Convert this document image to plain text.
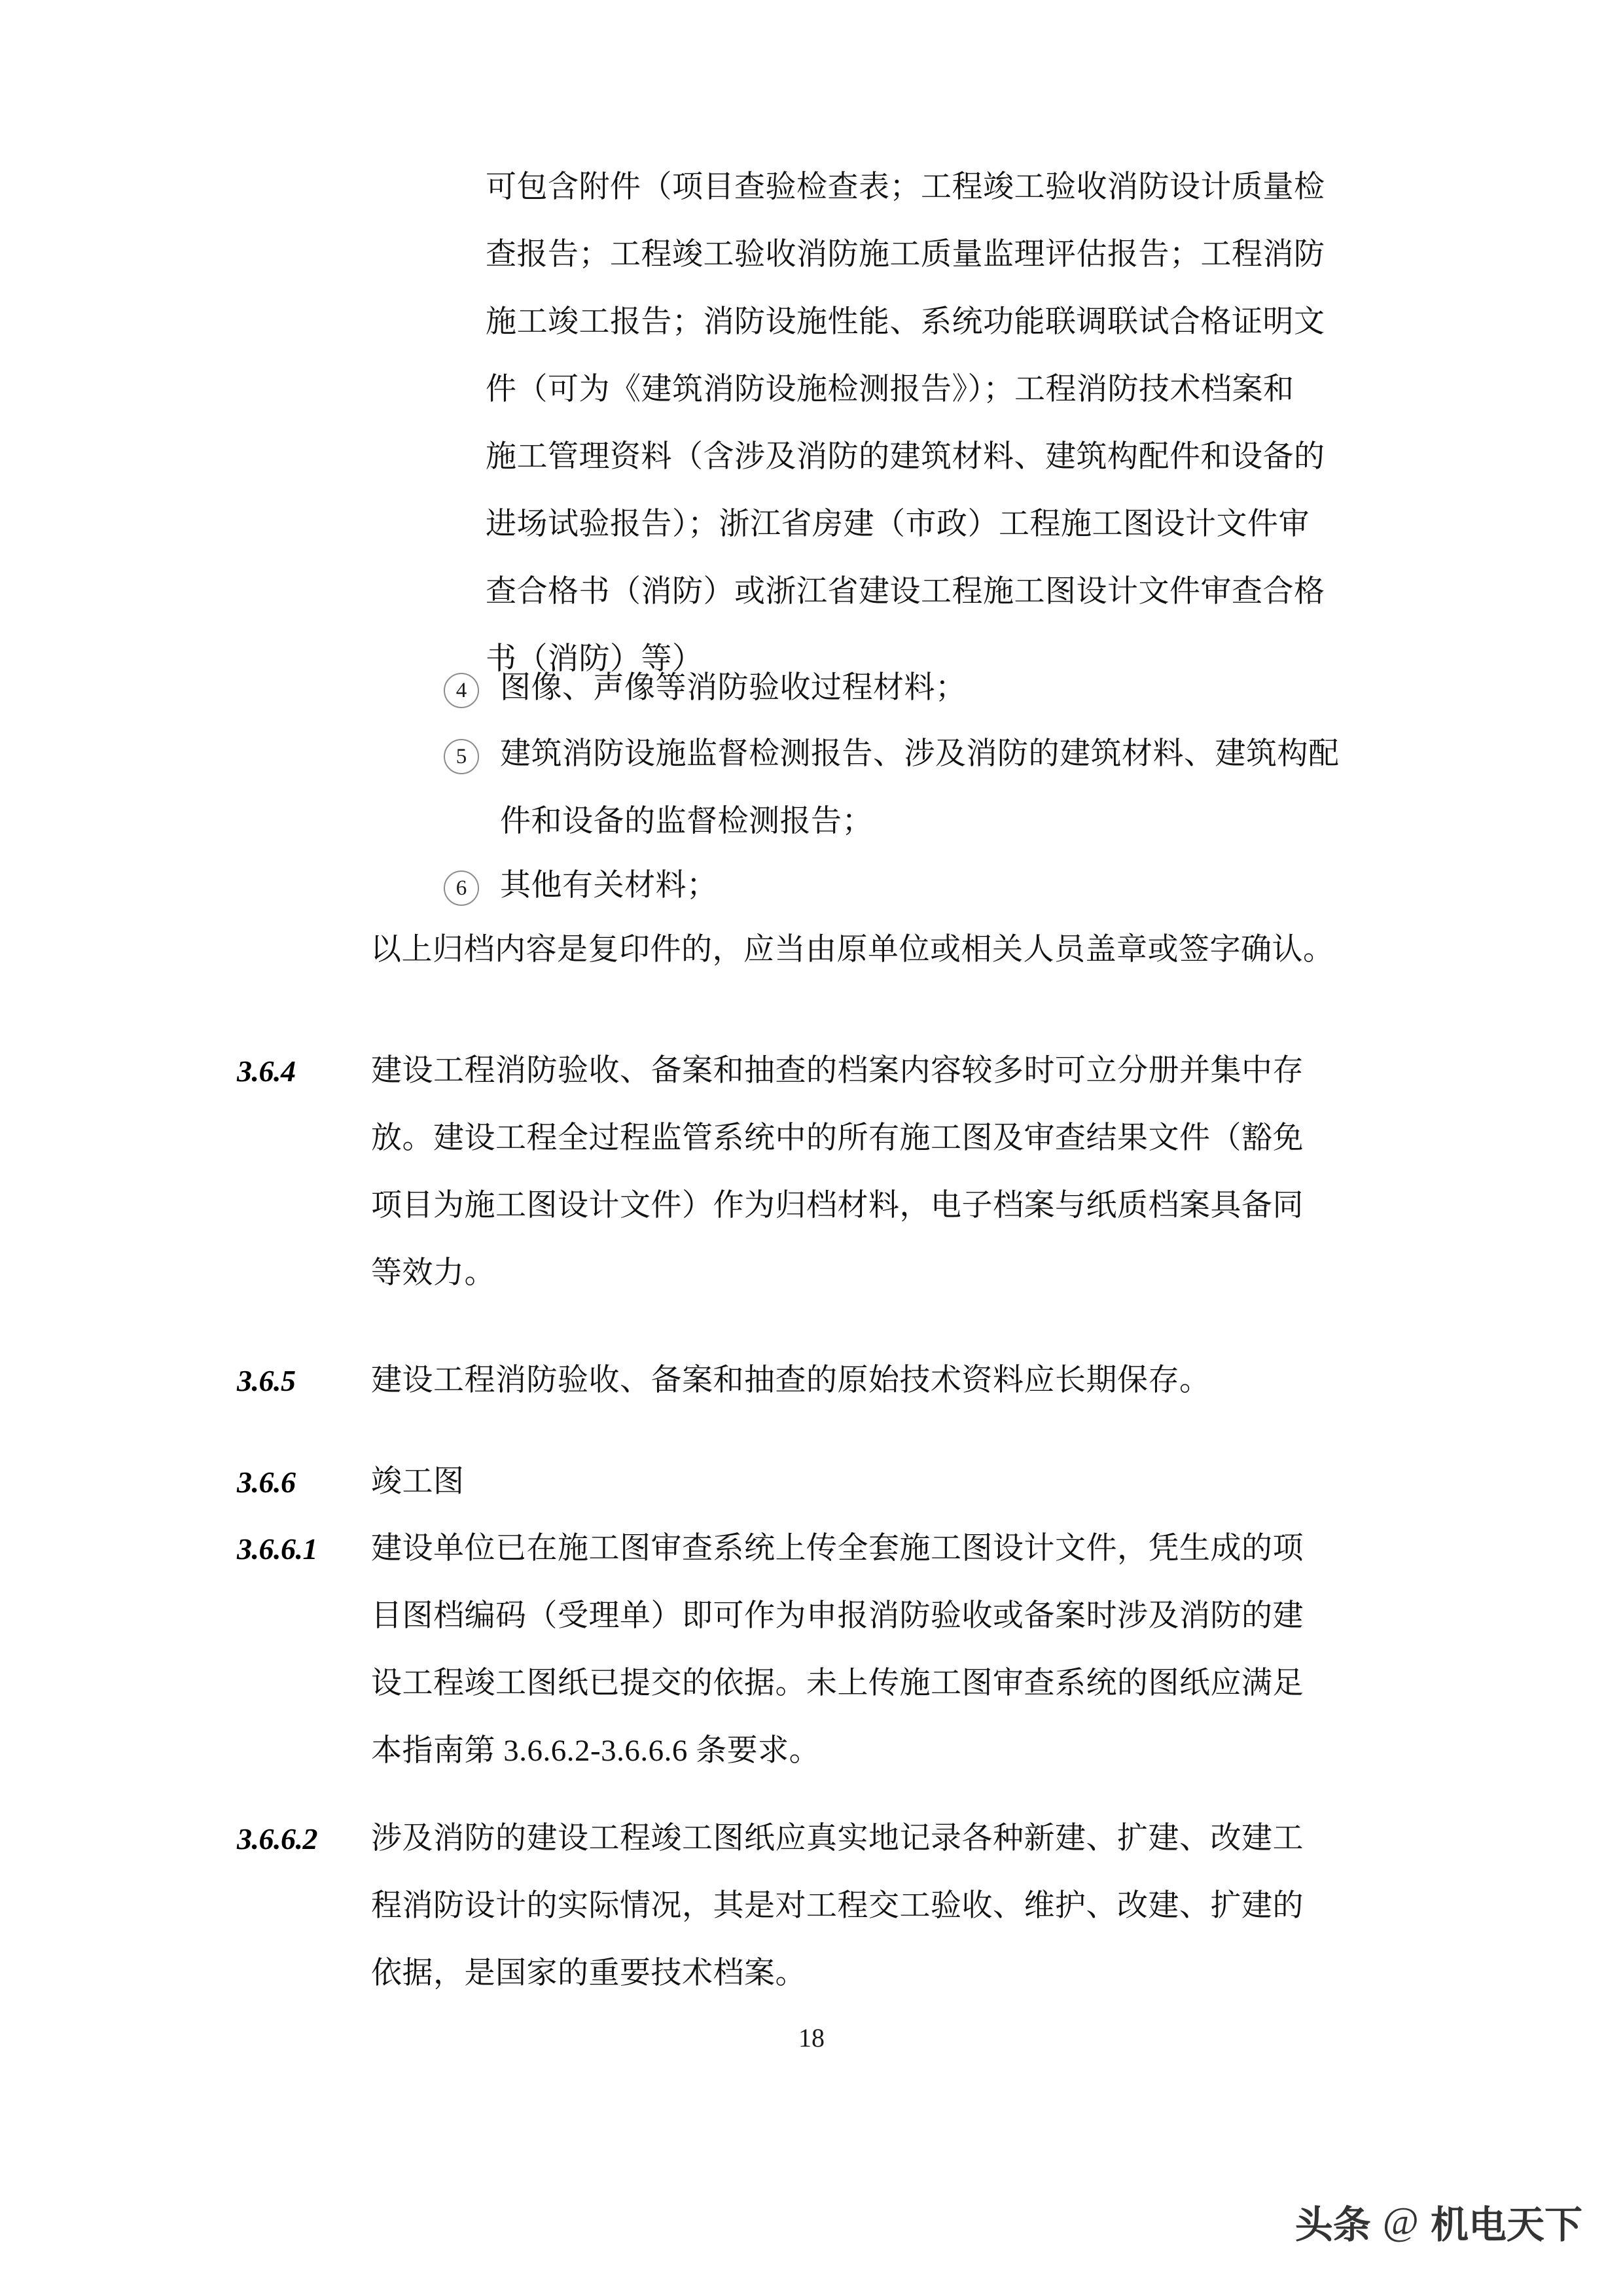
可包含附件（项目查验检查表；工程竣工验收消防设计质量检
查报告；工程竣工验收消防施工质量监理评估报告；工程消防
施工竣工报告；消防设施性能、系统功能联调联试合格证明文
件（可为《建筑消防设施检测报告》）；工程消防技术档案和
施工管理资料（含涉及消防的建筑材料、建筑构配件和设备的
进场试验报告）；浙江省房建（市政）工程施工图设计文件审
查合格书（消防）或浙江省建设工程施工图设计文件审查合格
书（消防）等）
4	图像、声像等消防验收过程材料；
5	建筑消防设施监督检测报告、涉及消防的建筑材料、建筑构配
件和设备的监督检测报告；
6	其他有关材料；
以上归档内容是复印件的，应当由原单位或相关人员盖章或签字确认。
3.6.4	建设工程消防验收、备案和抽查的档案内容较多时可立分册并集中存
放。建设工程全过程监管系统中的所有施工图及审查结果文件（豁免
项目为施工图设计文件）作为归档材料，电子档案与纸质档案具备同
等效力。
3.6.5	建设工程消防验收、备案和抽查的原始技术资料应长期保存。
3.6.6	竣工图
3.6.6.1	建设单位已在施工图审查系统上传全套施工图设计文件，凭生成的项
目图档编码（受理单）即可作为申报消防验收或备案时涉及消防的建
设工程竣工图纸已提交的依据。未上传施工图审查系统的图纸应满足
本指南第 3.6.6.2-3.6.6.6 条要求。
3.6.6.2	涉及消防的建设工程竣工图纸应真实地记录各种新建、扩建、改建工
程消防设计的实际情况，其是对工程交工验收、维护、改建、扩建的
依据，是国家的重要技术档案。
18
头条 @ 机电天下
